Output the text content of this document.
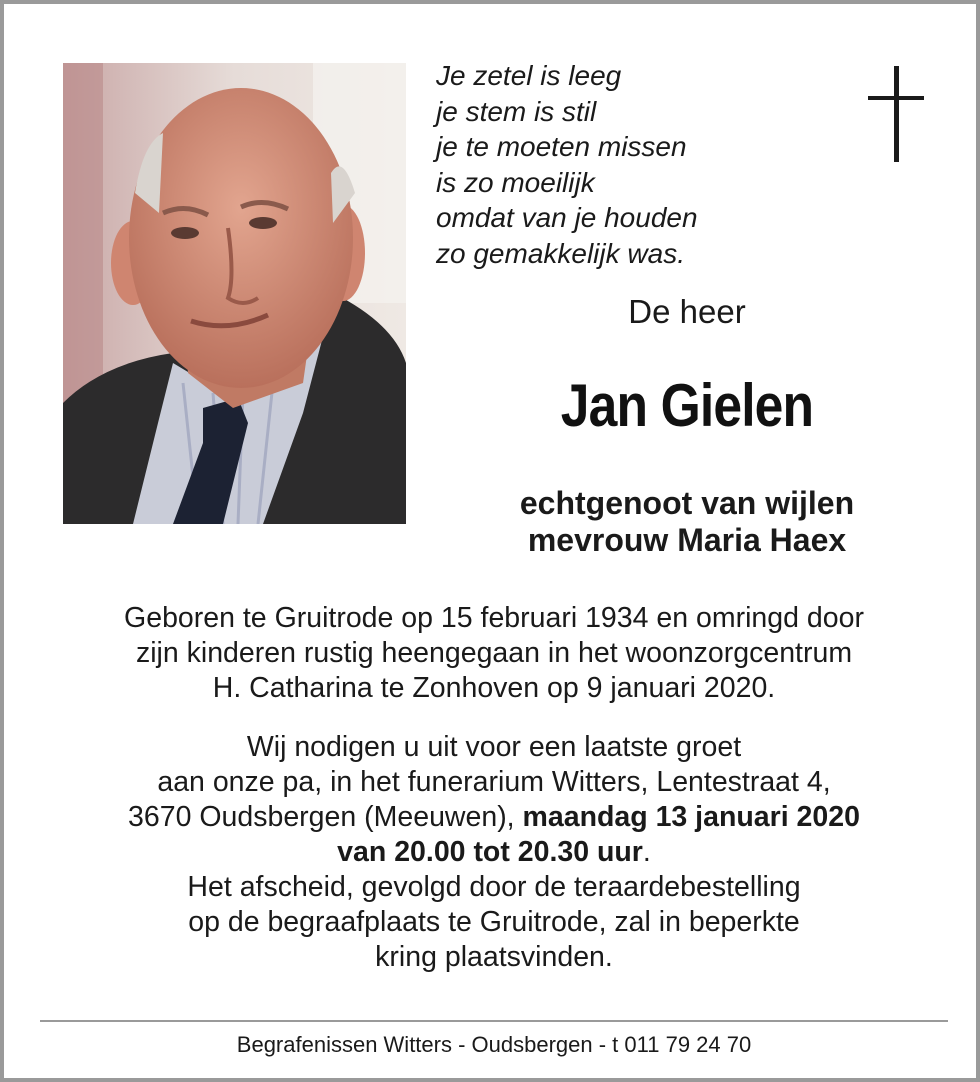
Je zetel is leeg
je stem is stil
je te moeten missen
is zo moeilijk
omdat van je houden
zo gemakkelijk was.
De heer
Jan Gielen
echtgenoot van wijlen
mevrouw Maria Haex
Geboren te Gruitrode op 15 februari 1934 en omringd door
zijn kinderen rustig heengegaan in het woonzorgcentrum
H. Catharina te Zonhoven op 9 januari 2020.
Wij nodigen u uit voor een laatste groet
aan onze pa, in het funerarium Witters, Lentestraat 4,
3670 Oudsbergen (Meeuwen), maandag 13 januari 2020
van 20.00 tot 20.30 uur.
Het afscheid, gevolgd door de teraardebestelling
op de begraafplaats te Gruitrode, zal in beperkte
kring plaatsvinden.
Begrafenissen Witters - Oudsbergen - t 011 79 24 70
